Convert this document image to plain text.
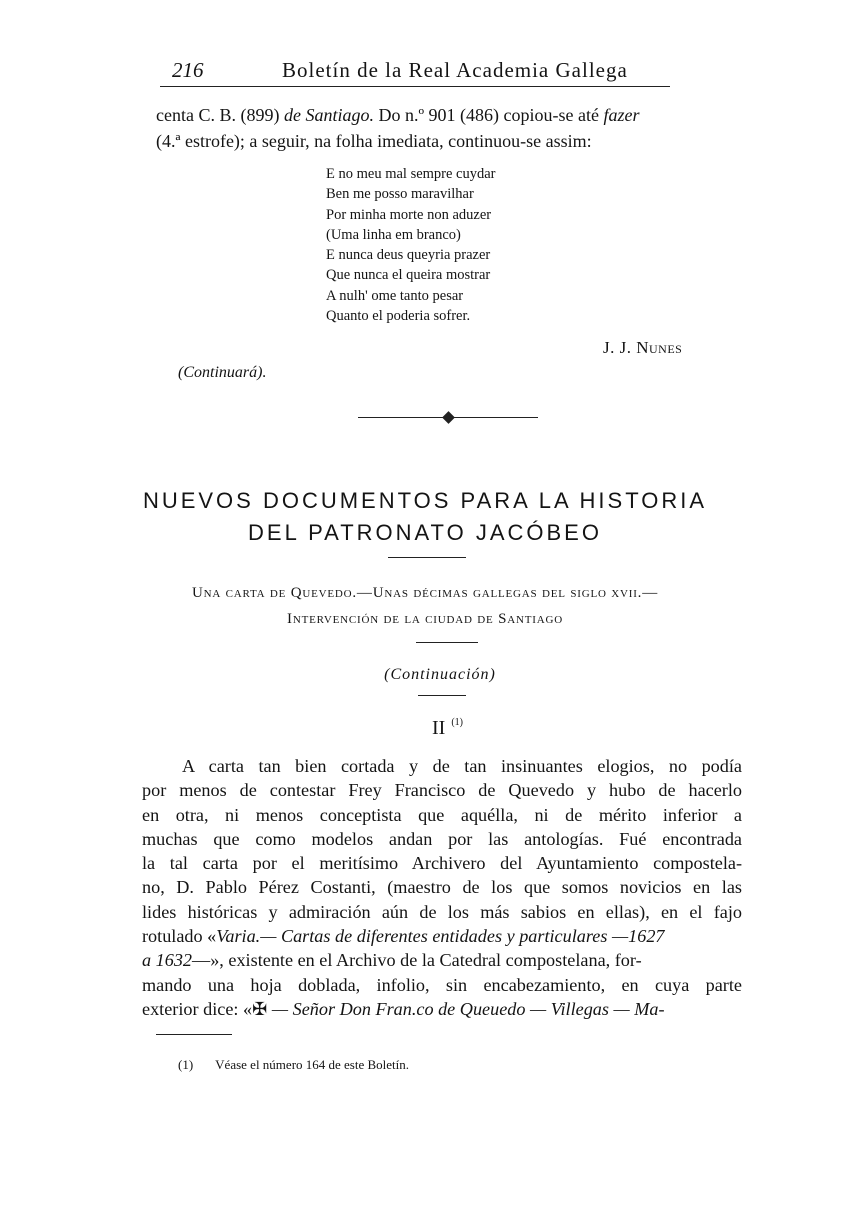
216	Boletín de la Real Academia Gallega
centa C. B. (899) de Santiago. Do n.º 901 (486) copiou-se até fazer
(4.ª estrofe); a seguir, na folha imediata, continuou-se assim:
E no meu mal sempre cuydar
Ben me posso maravilhar
Por minha morte non aduzer
(Uma linha em branco)
E nunca deus queyria prazer
Que nunca el queira mostrar
A nulh' ome tanto pesar
Quanto el poderia sofrer.
J. J. Nunes
(Continuará).
NUEVOS DOCUMENTOS PARA LA HISTORIA
DEL PATRONATO JACÓBEO
Una carta de Quevedo.—Unas décimas gallegas del siglo xvii.—
Intervención de la ciudad de Santiago
(Continuación)
II $^{(1)}$
A carta tan bien cortada y de tan insinuantes elogios, no podía
por menos de contestar Frey Francisco de Quevedo y hubo de hacerlo
en otra, ni menos conceptista que aquélla, ni de mérito inferior a
muchas que como modelos andan por las antologías. Fué encontrada
la tal carta por el meritísimo Archivero del Ayuntamiento compostela-
no, D. Pablo Pérez Costanti, (maestro de los que somos novicios en las
lides históricas y admiración aún de los más sabios en ellas), en el fajo
rotulado «Varia.— Cartas de diferentes entidades y particulares —1627
a 1632—», existente en el Archivo de la Catedral compostelana, for-
mando una hoja doblada, infolio, sin encabezamiento, en cuya parte
exterior dice: «✠ — Señor Don Fran.co de Queuedo — Villegas — Ma-
(1) Véase el número 164 de este Boletín.
